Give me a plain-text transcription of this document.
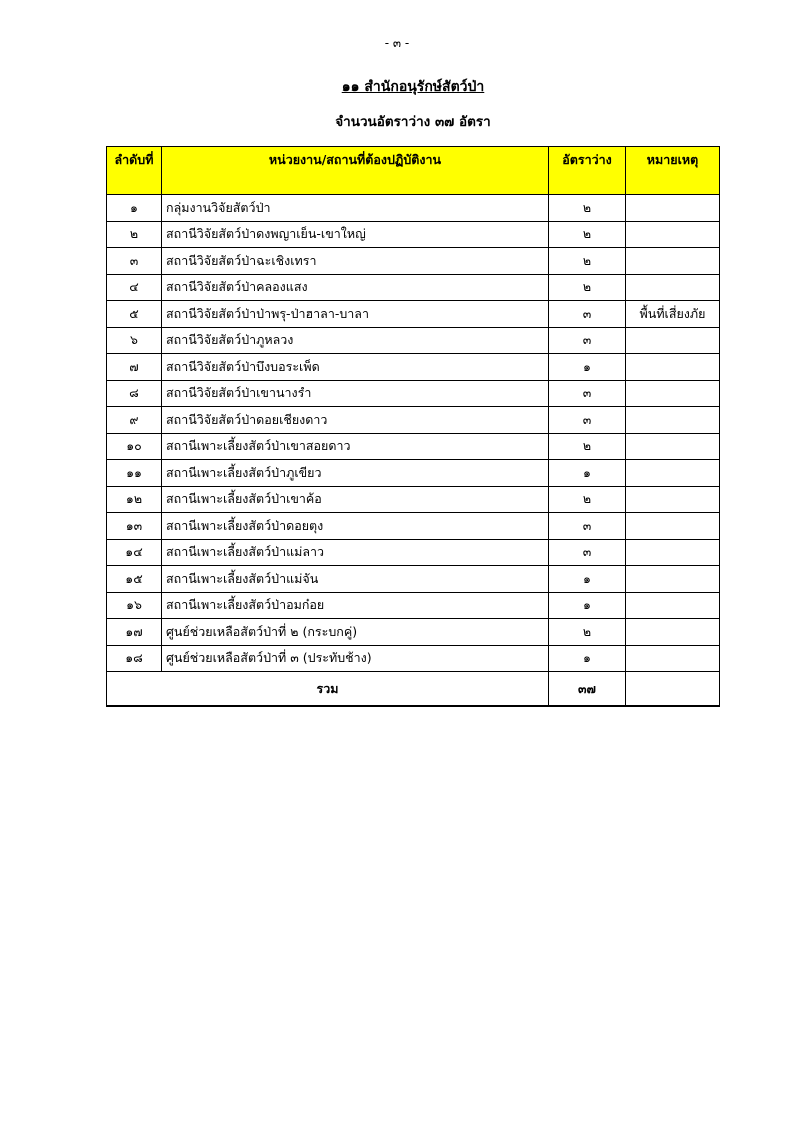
- ๓ -
๑๑ สำนักอนุรักษ์สัตว์ป่า
จำนวนอัตราว่าง ๓๗ อัตรา
ลำดับที่	หน่วยงาน/สถานที่ต้องปฏิบัติงาน	อัตราว่าง	หมายเหตุ
๑	กลุ่มงานวิจัยสัตว์ป่า	๒	
๒	สถานีวิจัยสัตว์ป่าดงพญาเย็น-เขาใหญ่	๒	
๓	สถานีวิจัยสัตว์ป่าฉะเชิงเทรา	๒	
๔	สถานีวิจัยสัตว์ป่าคลองแสง	๒	
๕	สถานีวิจัยสัตว์ป่าป่าพรุ-ป่าฮาลา-บาลา	๓	พื้นที่เสี่ยงภัย
๖	สถานีวิจัยสัตว์ป่าภูหลวง	๓	
๗	สถานีวิจัยสัตว์ป่าบึงบอระเพ็ด	๑	
๘	สถานีวิจัยสัตว์ป่าเขานางรำ	๓	
๙	สถานีวิจัยสัตว์ป่าดอยเชียงดาว	๓	
๑๐	สถานีเพาะเลี้ยงสัตว์ป่าเขาสอยดาว	๒	
๑๑	สถานีเพาะเลี้ยงสัตว์ป่าภูเขียว	๑	
๑๒	สถานีเพาะเลี้ยงสัตว์ป่าเขาค้อ	๒	
๑๓	สถานีเพาะเลี้ยงสัตว์ป่าดอยตุง	๓	
๑๔	สถานีเพาะเลี้ยงสัตว์ป่าแม่ลาว	๓	
๑๕	สถานีเพาะเลี้ยงสัตว์ป่าแม่จัน	๑	
๑๖	สถานีเพาะเลี้ยงสัตว์ป่าอมก๋อย	๑	
๑๗	ศูนย์ช่วยเหลือสัตว์ป่าที่ ๒ (กระบกคู่)	๒	
๑๘	ศูนย์ช่วยเหลือสัตว์ป่าที่ ๓ (ประทับช้าง)	๑	
รวม		๓๗	
